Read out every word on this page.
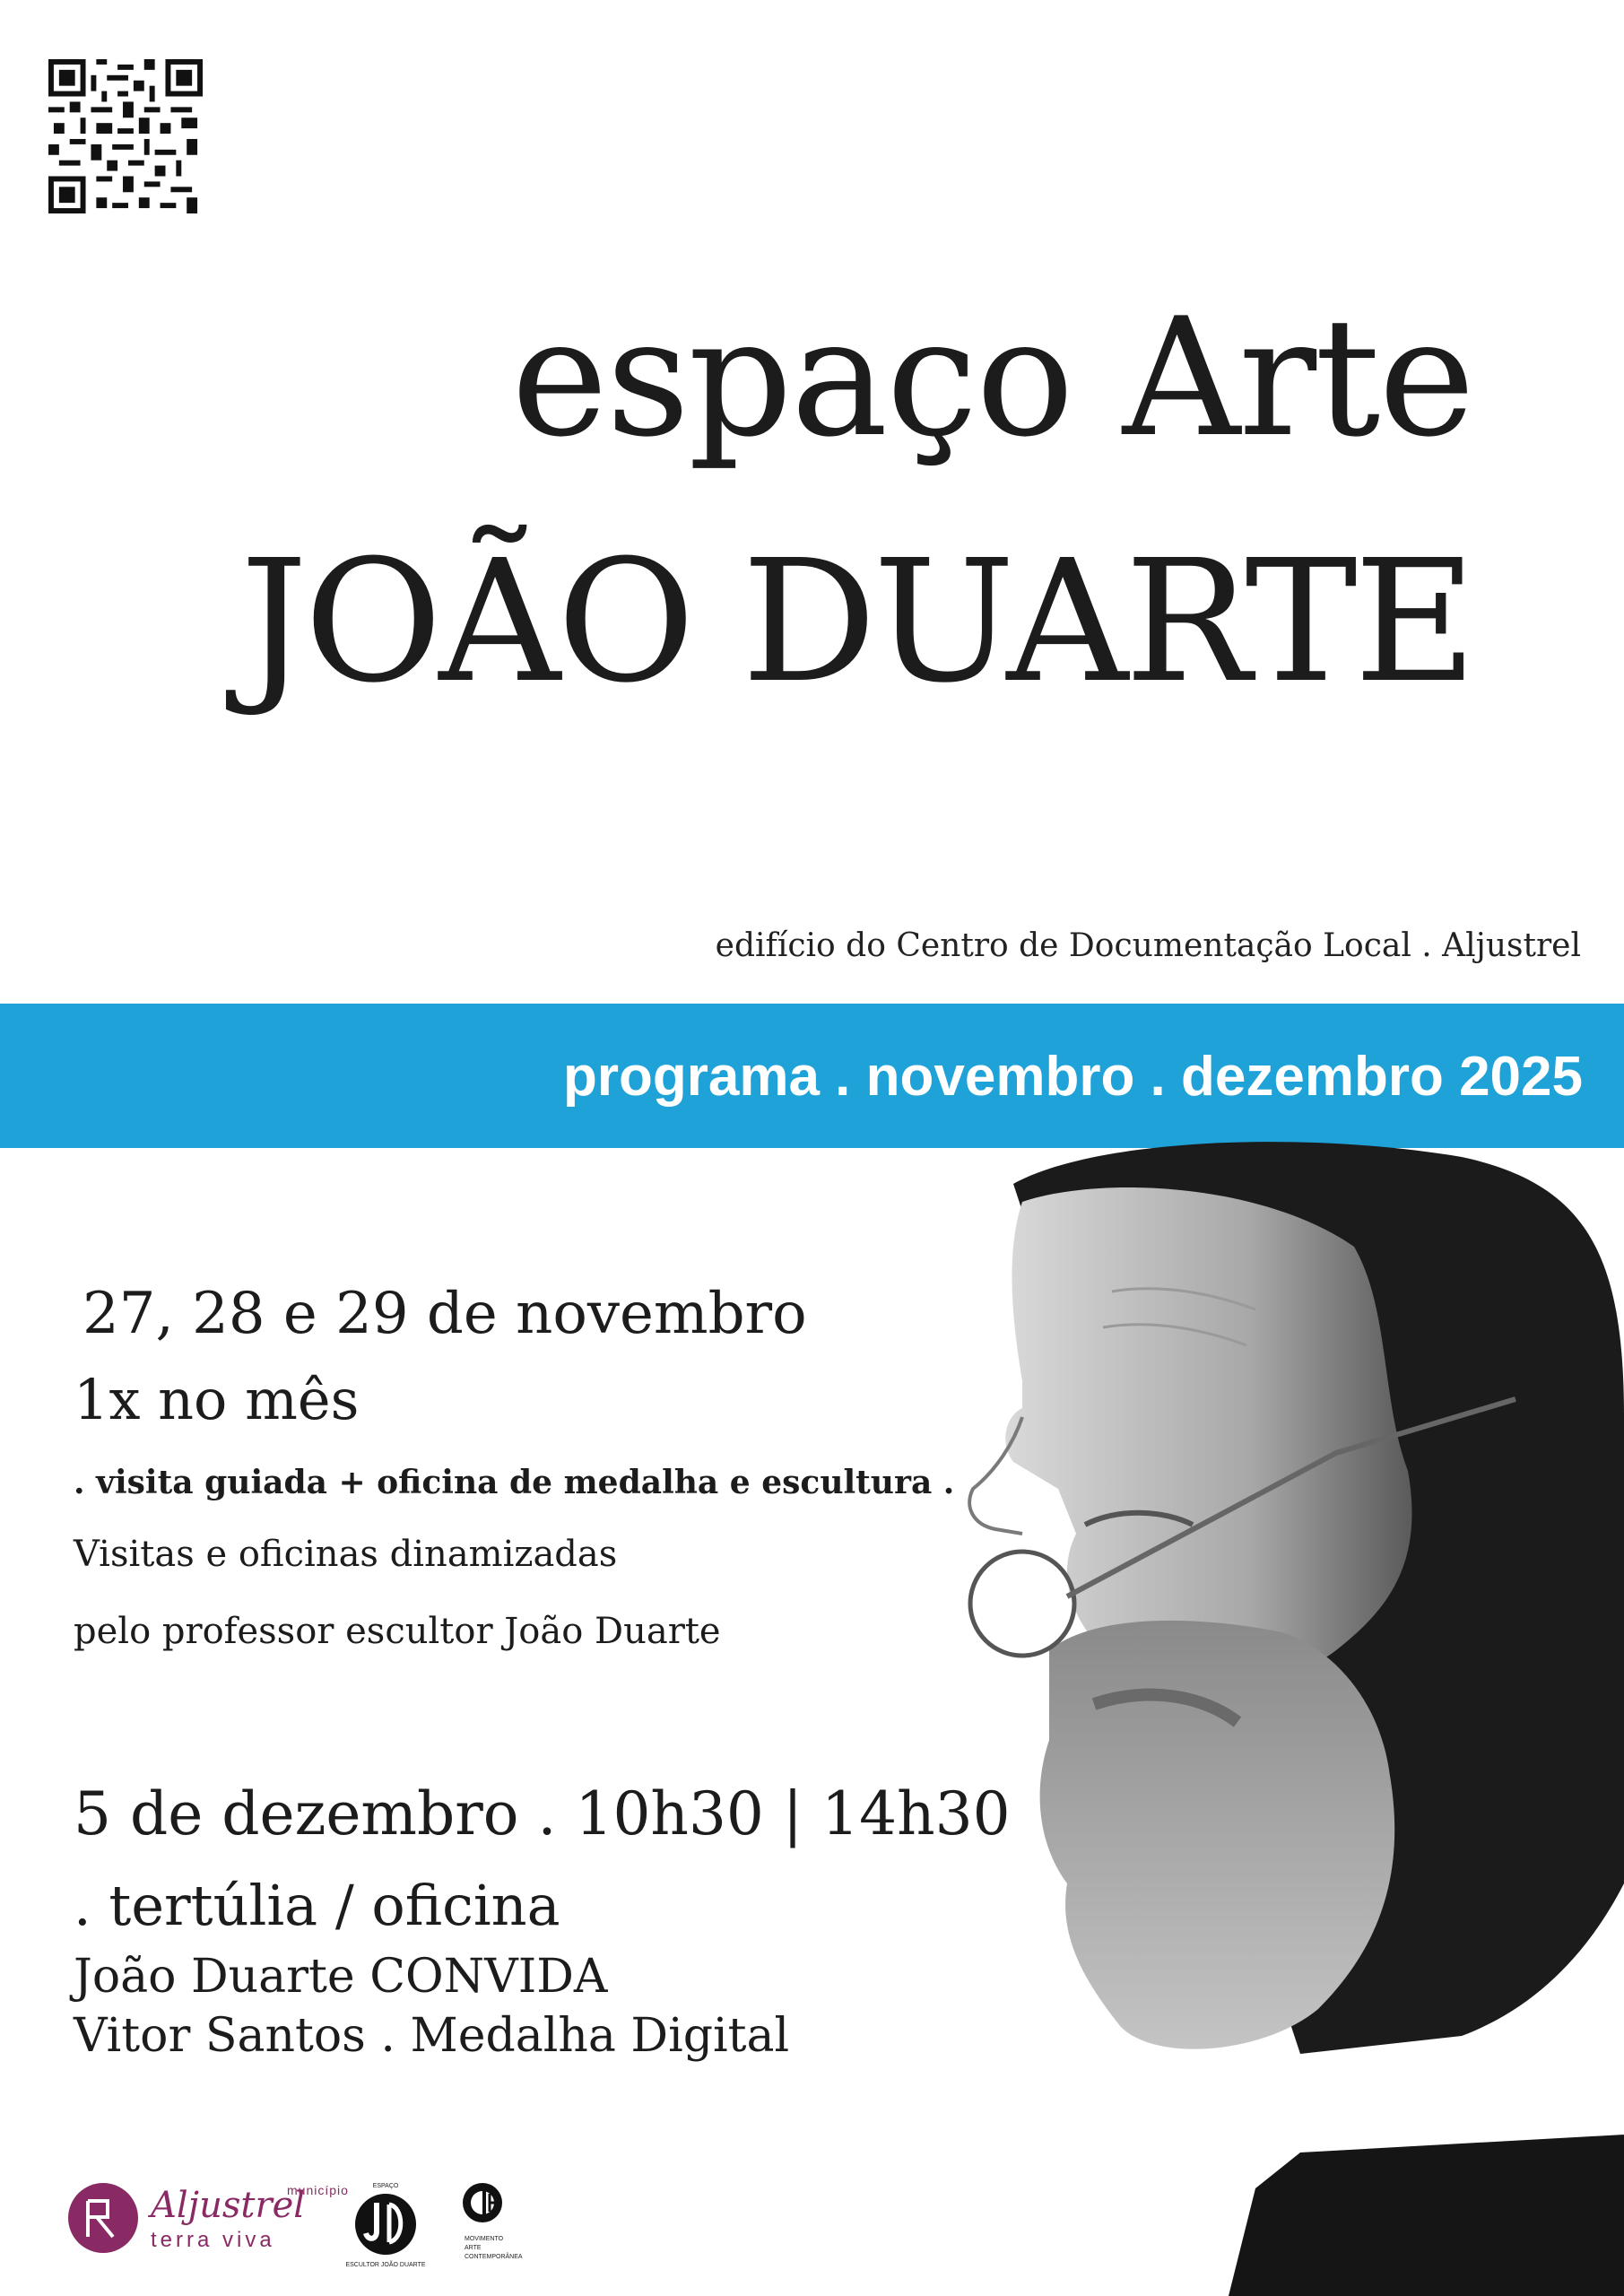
espaço Arte
JOÃO DUARTE
edifício do Centro de Documentação Local . Aljustrel
programa . novembro . dezembro 2025
27, 28 e 29 de novembro
1x no mês
. visita guiada + oficina de medalha e escultura .
Visitas e oficinas dinamizadas
pelo professor escultor João Duarte
5 de dezembro . 10h30 | 14h30
. tertúlia / oficina
João Duarte CONVIDA
Vitor Santos . Medalha Digital
município
Aljustrel
terra viva
ESPAÇO
ESCULTOR JOÃO DUARTE
MOVIMENTO
ARTE
CONTEMPORÂNEA
